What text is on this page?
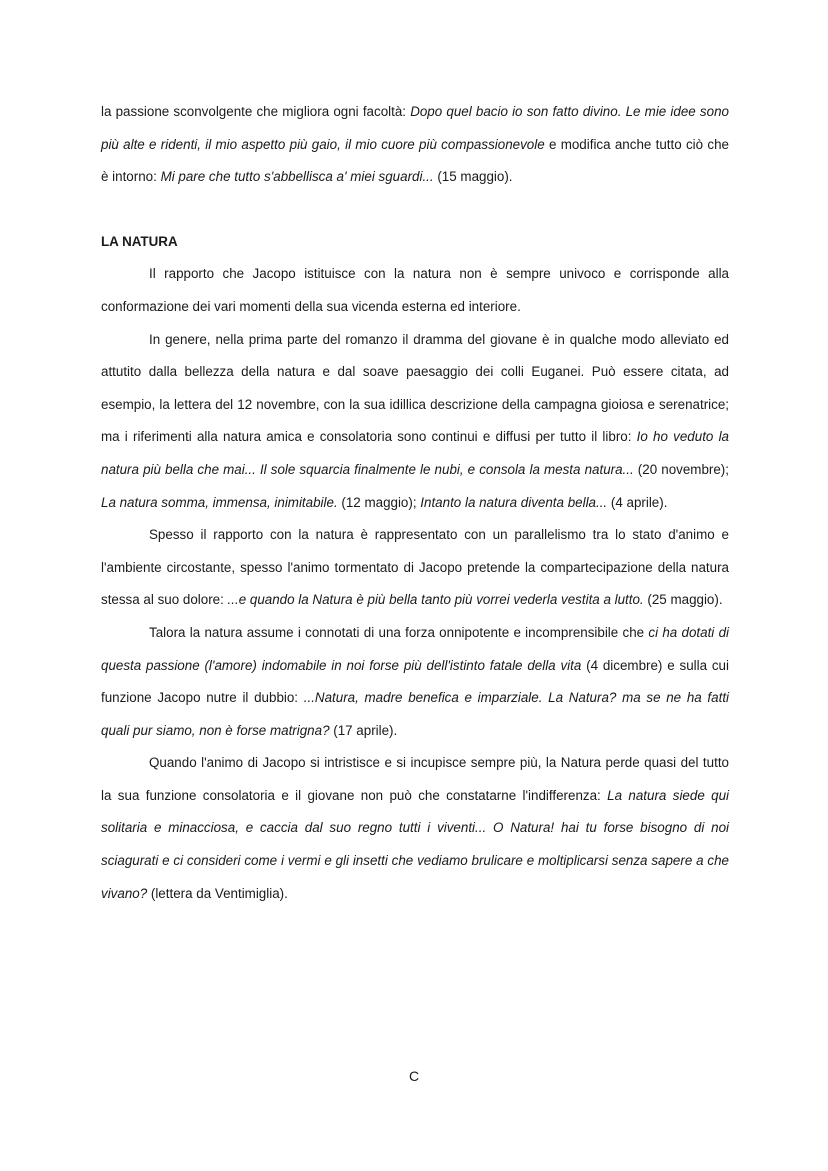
la passione sconvolgente che migliora ogni facoltà: Dopo quel bacio io son fatto divino. Le mie idee sono più alte e ridenti, il mio aspetto più gaio, il mio cuore più compassionevole e modifica anche tutto ciò che è intorno: Mi pare che tutto s'abbellisca a' miei sguardi... (15 maggio).

LA NATURA

Il rapporto che Jacopo istituisce con la natura non è sempre univoco e corrisponde alla conformazione dei vari momenti della sua vicenda esterna ed interiore.

In genere, nella prima parte del romanzo il dramma del giovane è in qualche modo alleviato ed attutito dalla bellezza della natura e dal soave paesaggio dei colli Euganei. Può essere citata, ad esempio, la lettera del 12 novembre, con la sua idillica descrizione della campagna gioiosa e serenatrice; ma i riferimenti alla natura amica e consolatoria sono continui e diffusi per tutto il libro: Io ho veduto la natura più bella che mai... Il sole squarcia finalmente le nubi, e consola la mesta natura... (20 novembre); La natura somma, immensa, inimitabile. (12 maggio); Intanto la natura diventa bella... (4 aprile).

Spesso il rapporto con la natura è rappresentato con un parallelismo tra lo stato d'animo e l'ambiente circostante, spesso l'animo tormentato di Jacopo pretende la compartecipazione della natura stessa al suo dolore: ...e quando la Natura è più bella tanto più vorrei vederla vestita a lutto. (25 maggio).

Talora la natura assume i connotati di una forza onnipotente e incomprensibile che ci ha dotati di questa passione (l'amore) indomabile in noi forse più dell'istinto fatale della vita (4 dicembre) e sulla cui funzione Jacopo nutre il dubbio: ...Natura, madre benefica e imparziale. La Natura? ma se ne ha fatti quali pur siamo, non è forse matrigna? (17 aprile).

Quando l'animo di Jacopo si intristisce e si incupisce sempre più, la Natura perde quasi del tutto la sua funzione consolatoria e il giovane non può che constatarne l'indifferenza: La natura siede qui solitaria e minacciosa, e caccia dal suo regno tutti i viventi... O Natura! hai tu forse bisogno di noi sciagurati e ci consideri come i vermi e gli insetti che vediamo brulicare e moltiplicarsi senza sapere a che vivano? (lettera da Ventimiglia).

C
